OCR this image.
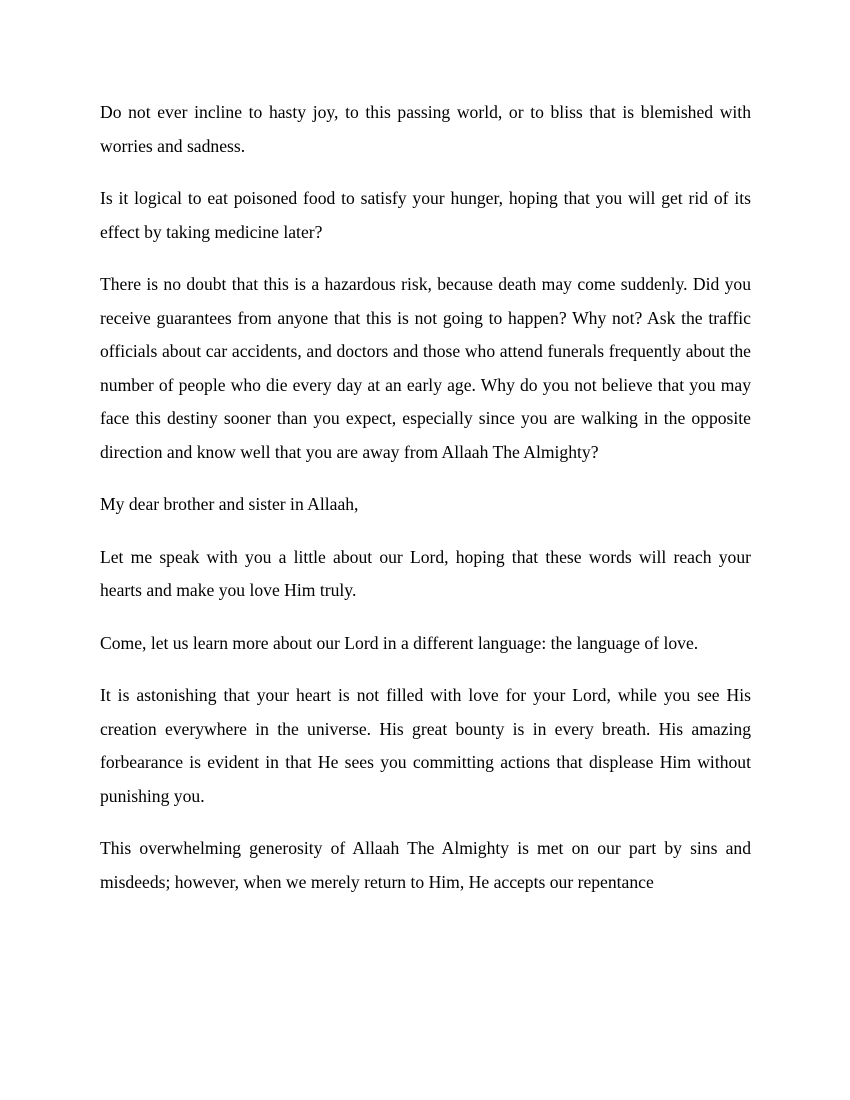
Do not ever incline to hasty joy, to this passing world, or to bliss that is blemished with worries and sadness.

Is it logical to eat poisoned food to satisfy your hunger, hoping that you will get rid of its effect by taking medicine later?

There is no doubt that this is a hazardous risk, because death may come suddenly. Did you receive guarantees from anyone that this is not going to happen? Why not? Ask the traffic officials about car accidents, and doctors and those who attend funerals frequently about the number of people who die every day at an early age. Why do you not believe that you may face this destiny sooner than you expect, especially since you are walking in the opposite direction and know well that you are away from Allaah The Almighty?

My dear brother and sister in Allaah,

Let me speak with you a little about our Lord, hoping that these words will reach your hearts and make you love Him truly.

Come, let us learn more about our Lord in a different language: the language of love.

It is astonishing that your heart is not filled with love for your Lord, while you see His creation everywhere in the universe. His great bounty is in every breath. His amazing forbearance is evident in that He sees you committing actions that displease Him without punishing you.

This overwhelming generosity of Allaah The Almighty is met on our part by sins and misdeeds; however, when we merely return to Him, He accepts our repentance
